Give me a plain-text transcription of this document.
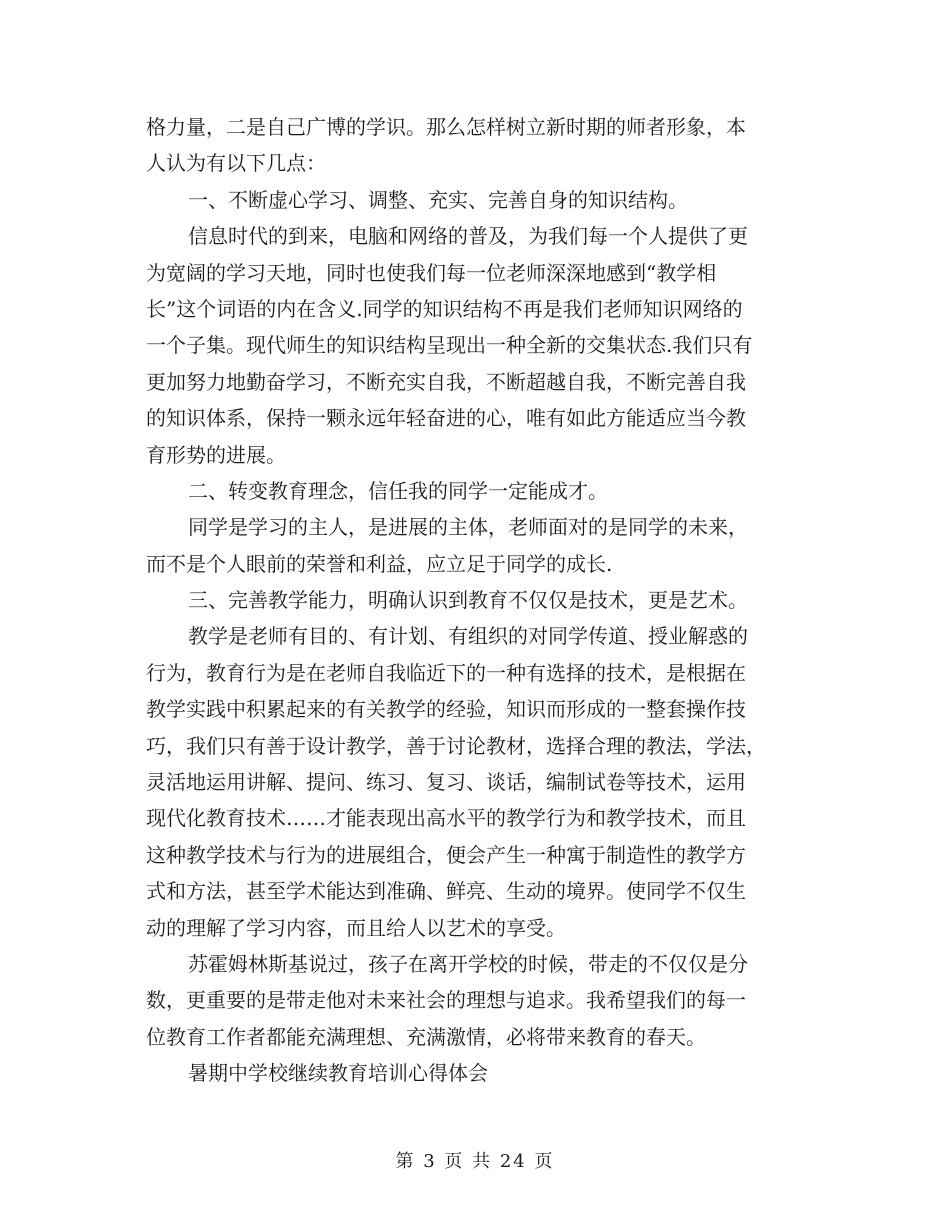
格力量，二是自己广博的学识。那么怎样树立新时期的师者形象，本
人认为有以下几点：
一、不断虚心学习、调整、充实、完善自身的知识结构。
信息时代的到来，电脑和网络的普及，为我们每一个人提供了更
为宽阔的学习天地，同时也使我们每一位老师深深地感到“教学相
长”这个词语的内在含义.同学的知识结构不再是我们老师知识网络的
一个子集。现代师生的知识结构呈现出一种全新的交集状态.我们只有
更加努力地勤奋学习，不断充实自我，不断超越自我，不断完善自我
的知识体系，保持一颗永远年轻奋进的心，唯有如此方能适应当今教
育形势的进展。
二、转变教育理念，信任我的同学一定能成才。
同学是学习的主人，是进展的主体，老师面对的是同学的未来，
而不是个人眼前的荣誉和利益，应立足于同学的成长.
三、完善教学能力，明确认识到教育不仅仅是技术，更是艺术。
教学是老师有目的、有计划、有组织的对同学传道、授业解惑的
行为，教育行为是在老师自我临近下的一种有选择的技术，是根据在
教学实践中积累起来的有关教学的经验，知识而形成的一整套操作技
巧，我们只有善于设计教学，善于讨论教材，选择合理的教法，学法，
灵活地运用讲解、提问、练习、复习、谈话，编制试卷等技术，运用
现代化教育技术……才能表现出高水平的教学行为和教学技术，而且
这种教学技术与行为的进展组合，便会产生一种寓于制造性的教学方
式和方法，甚至学术能达到准确、鲜亮、生动的境界。使同学不仅生
动的理解了学习内容，而且给人以艺术的享受。
苏霍姆林斯基说过，孩子在离开学校的时候，带走的不仅仅是分
数，更重要的是带走他对未来社会的理想与追求。我希望我们的每一
位教育工作者都能充满理想、充满激情，必将带来教育的春天。
暑期中学校继续教育培训心得体会
第 3 页 共 24 页
